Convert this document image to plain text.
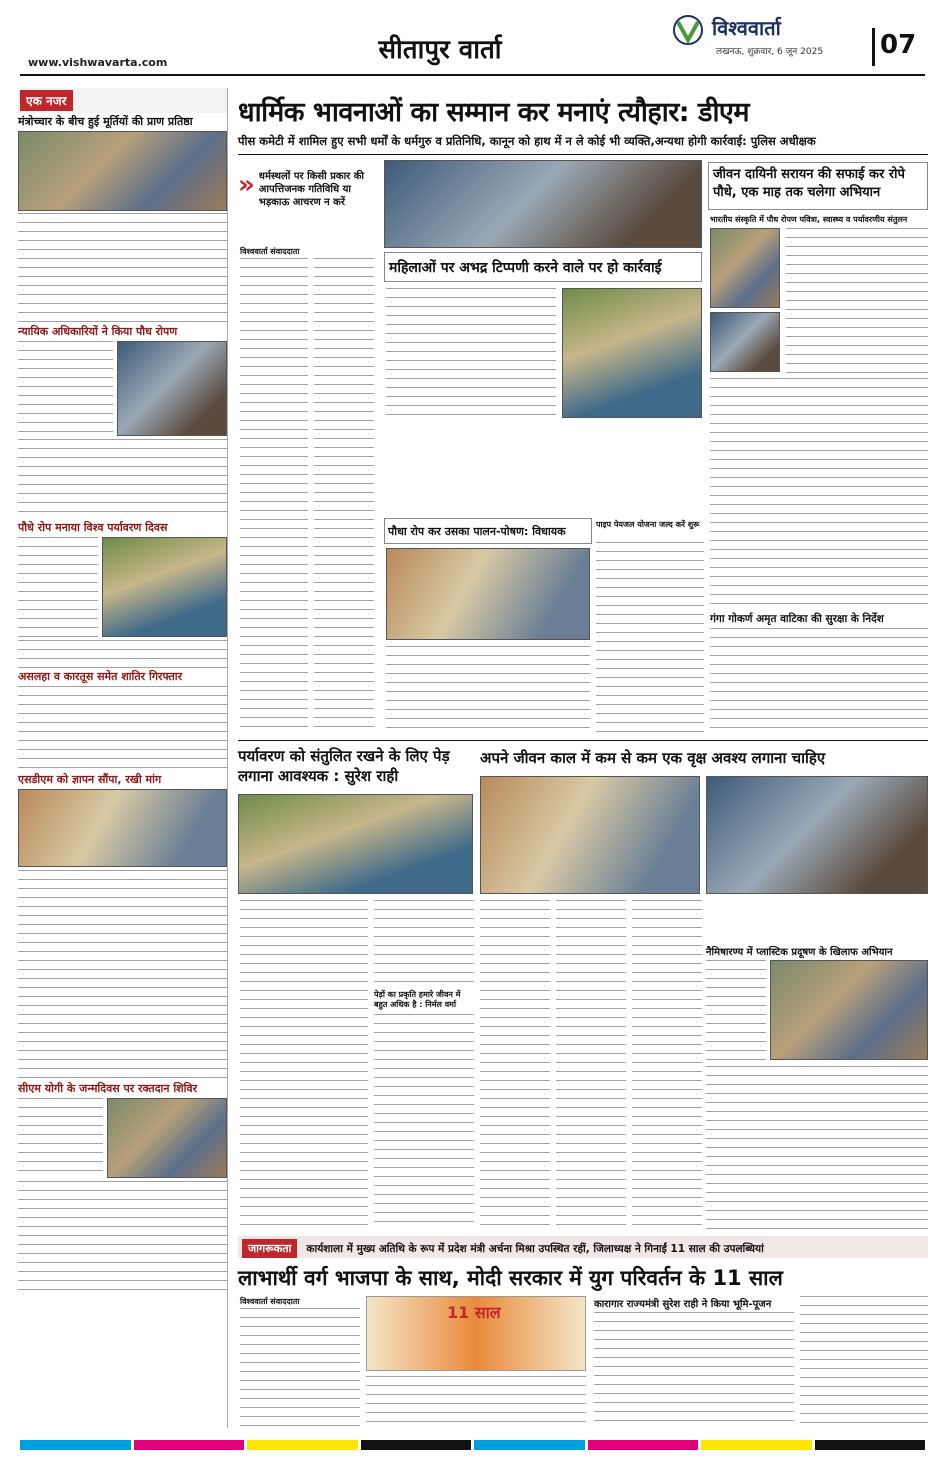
www.vishwavarta.com	सीतापुर वार्ता
विश्ववार्ता
लखनऊ, शुक्रवार, 6 जून 2025 07
एक नजर
मंत्रोच्चार के बीच हुई मूर्तियों की प्राण प्रतिष्ठा
न्यायिक अधिकारियों ने किया पौध रोपण
पौधे रोप मनाया विश्व पर्यावरण दिवस
असलहा व कारतूस समेत शातिर गिरफ्तार
एसडीएम को ज्ञापन सौंपा, रखी मांग
सीएम योगी के जन्मदिवस पर रक्तदान शिविर
धार्मिक भावनाओं का सम्मान कर मनाएं त्यौहार: डीएम
पीस कमेटी में शामिल हुए सभी धर्मों के धर्मगुरु व प्रतिनिधि, कानून को हाथ में न ले कोई भी व्यक्ति,अन्यथा होगी कार्रवाई: पुलिस अधीक्षक
» धर्मस्थलों पर किसी प्रकार की आपत्तिजनक गतिविधि या भड़काऊ आचरण न करें
विश्ववार्ता संवाददाता
महिलाओं पर अभद्र टिप्पणी करने वाले पर हो कार्रवाई
पौधा रोप कर उसका पालन-पोषण: विधायक
पाइप पेयजल योजना जल्द करें शुरू
जीवन दायिनी सरायन की सफाई कर रोपे पौधे, एक माह तक चलेगा अभियान
भारतीय संस्कृति में पौध रोपण पवित्रा, स्वास्थ्य व पर्यावरणीय संतुलन
गंगा गोकर्ण अमृत वाटिका की सुरक्षा के निर्देश
पर्यावरण को संतुलित रखने के लिए पेड़ लगाना आवश्यक : सुरेश राही
अपने जीवन काल में कम से कम एक वृक्ष अवश्य लगाना चाहिए
पेड़ों का प्रकृति हमारे जीवन में बहुत अधिक है : निर्मल वर्मा
नैमिषारण्य में प्लास्टिक प्रदूषण के खिलाफ अभियान
जागरूकता कार्यशाला में मुख्य अतिथि के रूप में प्रदेश मंत्री अर्चना मिश्रा उपस्थित रहीं, जिलाध्यक्ष ने गिनाईं 11 साल की उपलब्धियां
लाभार्थी वर्ग भाजपा के साथ, मोदी सरकार में युग परिवर्तन के 11 साल
विश्ववार्ता संवाददाता
11 साल	कारागार राज्यमंत्री सुरेश राही ने किया भूमि-पूजन
